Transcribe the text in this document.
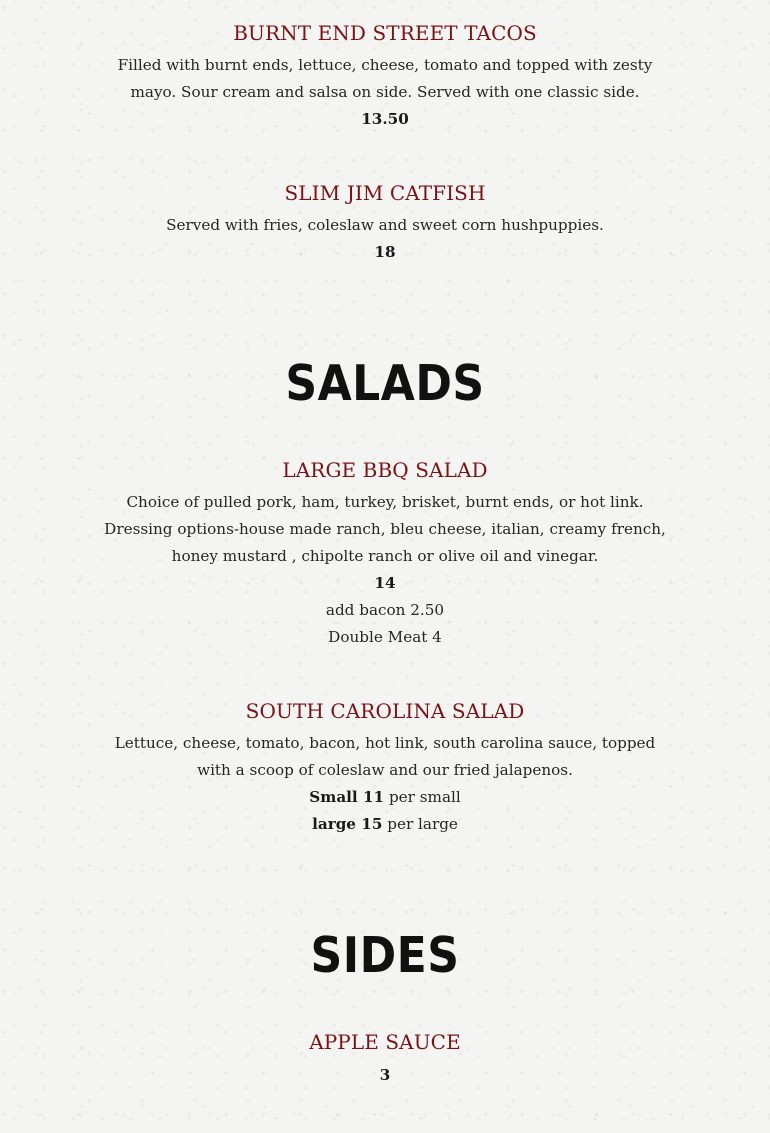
BURNT END STREET TACOS

Filled with burnt ends, lettuce, cheese, tomato and topped with zesty mayo. Sour cream and salsa on side. Served with one classic side.

13.50

SLIM JIM CATFISH

Served with fries, coleslaw and sweet corn hushpuppies.

18

SALADS
LARGE BBQ SALAD

Choice of pulled pork, ham, turkey, brisket, burnt ends, or hot link. Dressing options-house made ranch, bleu cheese, italian, creamy french, honey mustard , chipolte ranch or olive oil and vinegar.

14

add bacon 2.50

Double Meat 4

SOUTH CAROLINA SALAD

Lettuce, cheese, tomato, bacon, hot link, south carolina sauce, topped with a scoop of coleslaw and our fried jalapenos.

Small 11 per small

large 15 per large

SIDES
APPLE SAUCE

3
